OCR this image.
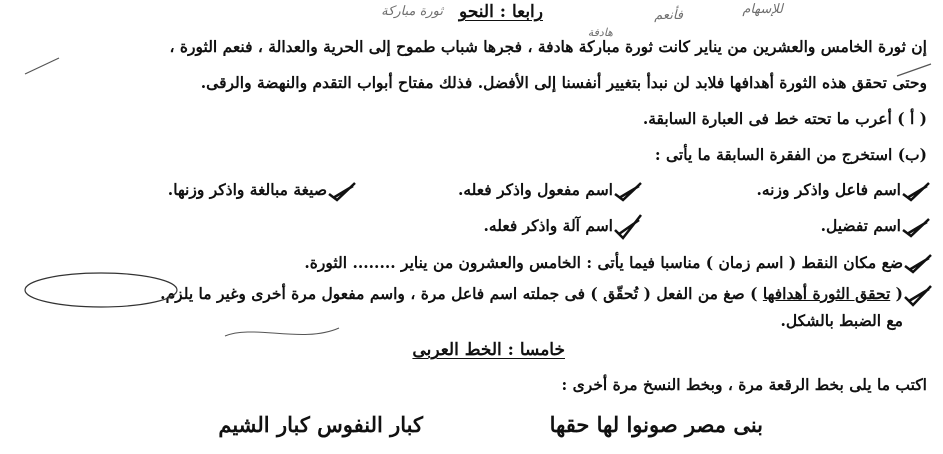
رابعا : النحو
ثورة مباركة	للإسهام
فأنعم
هادفة
إن ثورة الخامس والعشرين من يناير كانت ثورة مباركة هادفة ، فجرها شباب طموح إلى الحرية والعدالة ، فنعم الثورة ،
وحتى تحقق هذه الثورة أهدافها فلابد لن نبدأ بتغيير أنفسنا إلى الأفضل. فذلك مفتاح أبواب التقدم والنهضة والرقى.
( أ ) أعرب ما تحته خط فى العبارة السابقة.
(ب) استخرج من الفقرة السابقة ما يأتى :
اسم فاعل واذكر وزنه.
اسم مفعول واذكر فعله.
صيغة مبالغة واذكر وزنها.
اسم تفضيل.
اسم آلة واذكر فعله.
ضع مكان النقط ( اسم زمان ) مناسبا فيما يأتى : الخامس والعشرون من يناير ........ الثورة.
( تحقق الثورة أهدافها ) صغ من الفعل ( تُحقّق ) فى جملته اسم فاعل مرة ، واسم مفعول مرة أخرى وغير ما يلزم.
مع الضبط بالشكل.
خامسا : الخط العربى
اكتب ما يلى بخط الرقعة مرة ، وبخط النسخ مرة أخرى :
بنى مصر صونوا لها حقها
كبار النفوس كبار الشيم
